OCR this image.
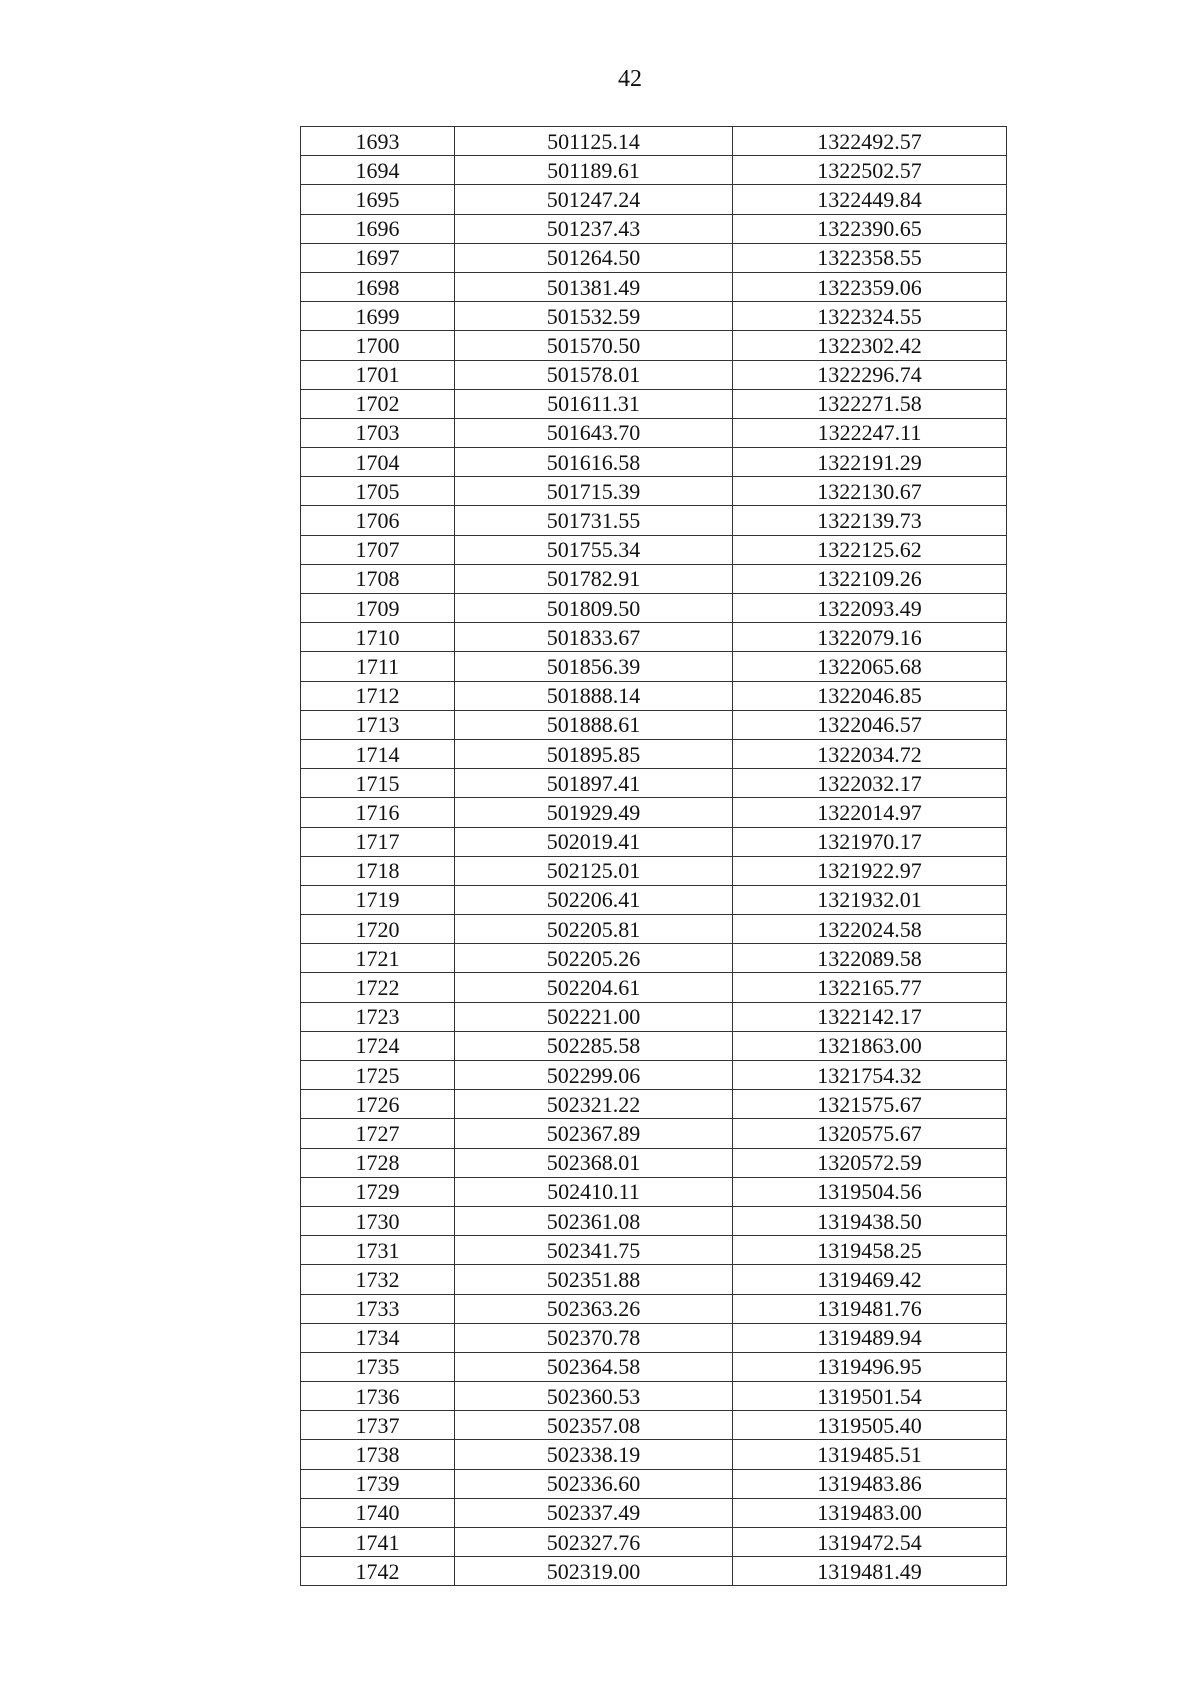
42
1693	501125.14	1322492.57
1694	501189.61	1322502.57
1695	501247.24	1322449.84
1696	501237.43	1322390.65
1697	501264.50	1322358.55
1698	501381.49	1322359.06
1699	501532.59	1322324.55
1700	501570.50	1322302.42
1701	501578.01	1322296.74
1702	501611.31	1322271.58
1703	501643.70	1322247.11
1704	501616.58	1322191.29
1705	501715.39	1322130.67
1706	501731.55	1322139.73
1707	501755.34	1322125.62
1708	501782.91	1322109.26
1709	501809.50	1322093.49
1710	501833.67	1322079.16
1711	501856.39	1322065.68
1712	501888.14	1322046.85
1713	501888.61	1322046.57
1714	501895.85	1322034.72
1715	501897.41	1322032.17
1716	501929.49	1322014.97
1717	502019.41	1321970.17
1718	502125.01	1321922.97
1719	502206.41	1321932.01
1720	502205.81	1322024.58
1721	502205.26	1322089.58
1722	502204.61	1322165.77
1723	502221.00	1322142.17
1724	502285.58	1321863.00
1725	502299.06	1321754.32
1726	502321.22	1321575.67
1727	502367.89	1320575.67
1728	502368.01	1320572.59
1729	502410.11	1319504.56
1730	502361.08	1319438.50
1731	502341.75	1319458.25
1732	502351.88	1319469.42
1733	502363.26	1319481.76
1734	502370.78	1319489.94
1735	502364.58	1319496.95
1736	502360.53	1319501.54
1737	502357.08	1319505.40
1738	502338.19	1319485.51
1739	502336.60	1319483.86
1740	502337.49	1319483.00
1741	502327.76	1319472.54
1742	502319.00	1319481.49
